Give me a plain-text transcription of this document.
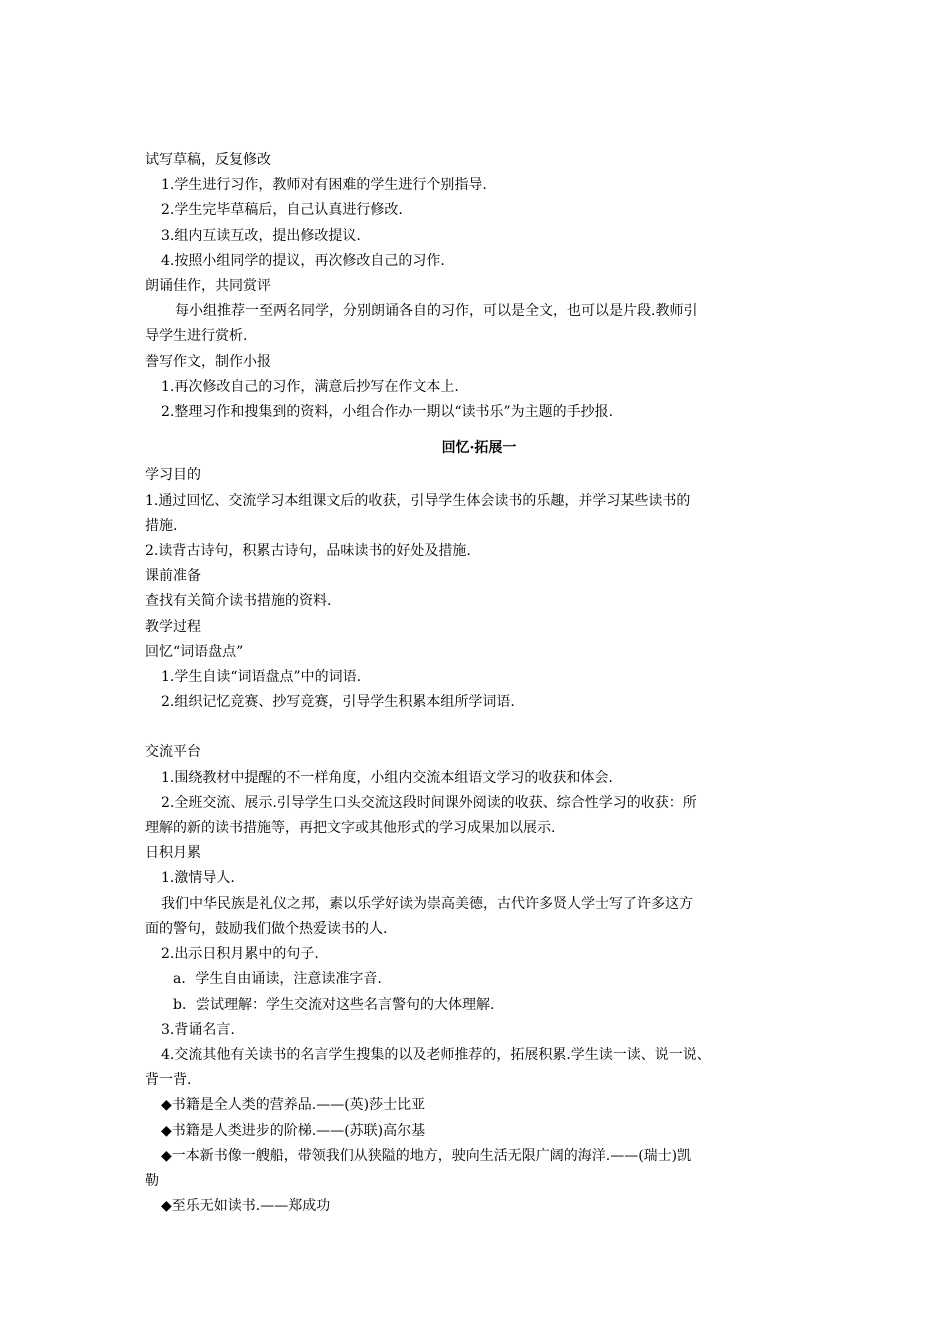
试写草稿，反复修改

1.学生进行习作，教师对有困难的学生进行个别指导.

2.学生完毕草稿后，自己认真进行修改.

3.组内互读互改，提出修改提议.

4.按照小组同学的提议，再次修改自己的习作.

朗诵佳作，共同赏评

每小组推荐一至两名同学，分别朗诵各自的习作，可以是全文，也可以是片段.教师引

导学生进行赏析.

誊写作文，制作小报

1.再次修改自己的习作，满意后抄写在作文本上.

2.整理习作和搜集到的资料，小组合作办一期以“读书乐”为主题的手抄报.

回忆·拓展一

学习目的

1.通过回忆、交流学习本组课文后的收获，引导学生体会读书的乐趣，并学习某些读书的

措施.

2.读背古诗句，积累古诗句，品味读书的好处及措施.

课前准备

查找有关简介读书措施的资料.

教学过程

回忆“词语盘点”

1.学生自读“词语盘点”中的词语.

2.组织记忆竞赛、抄写竞赛，引导学生积累本组所学词语.

交流平台

1.围绕教材中提醒的不一样角度，小组内交流本组语文学习的收获和体会.

2.全班交流、展示.引导学生口头交流这段时间课外阅读的收获、综合性学习的收获：所

理解的新的读书措施等，再把文字或其他形式的学习成果加以展示.

日积月累

1.激情导人.

我们中华民族是礼仪之邦，素以乐学好读为崇高美德，古代许多贤人学士写了许多这方

面的警句，鼓励我们做个热爱读书的人.

2.出示日积月累中的句子.

a．学生自由诵读，注意读准字音.

b．尝试理解：学生交流对这些名言警句的大体理解.

3.背诵名言.

4.交流其他有关读书的名言学生搜集的以及老师推荐的，拓展积累.学生读一读、说一说、

背一背.

◆书籍是全人类的营养品.——(英)莎士比亚

◆书籍是人类进步的阶梯.——(苏联)高尔基

◆一本新书像一艘船，带领我们从狭隘的地方，驶向生活无限广阔的海洋.——(瑞士)凯

勒

◆至乐无如读书.——郑成功
